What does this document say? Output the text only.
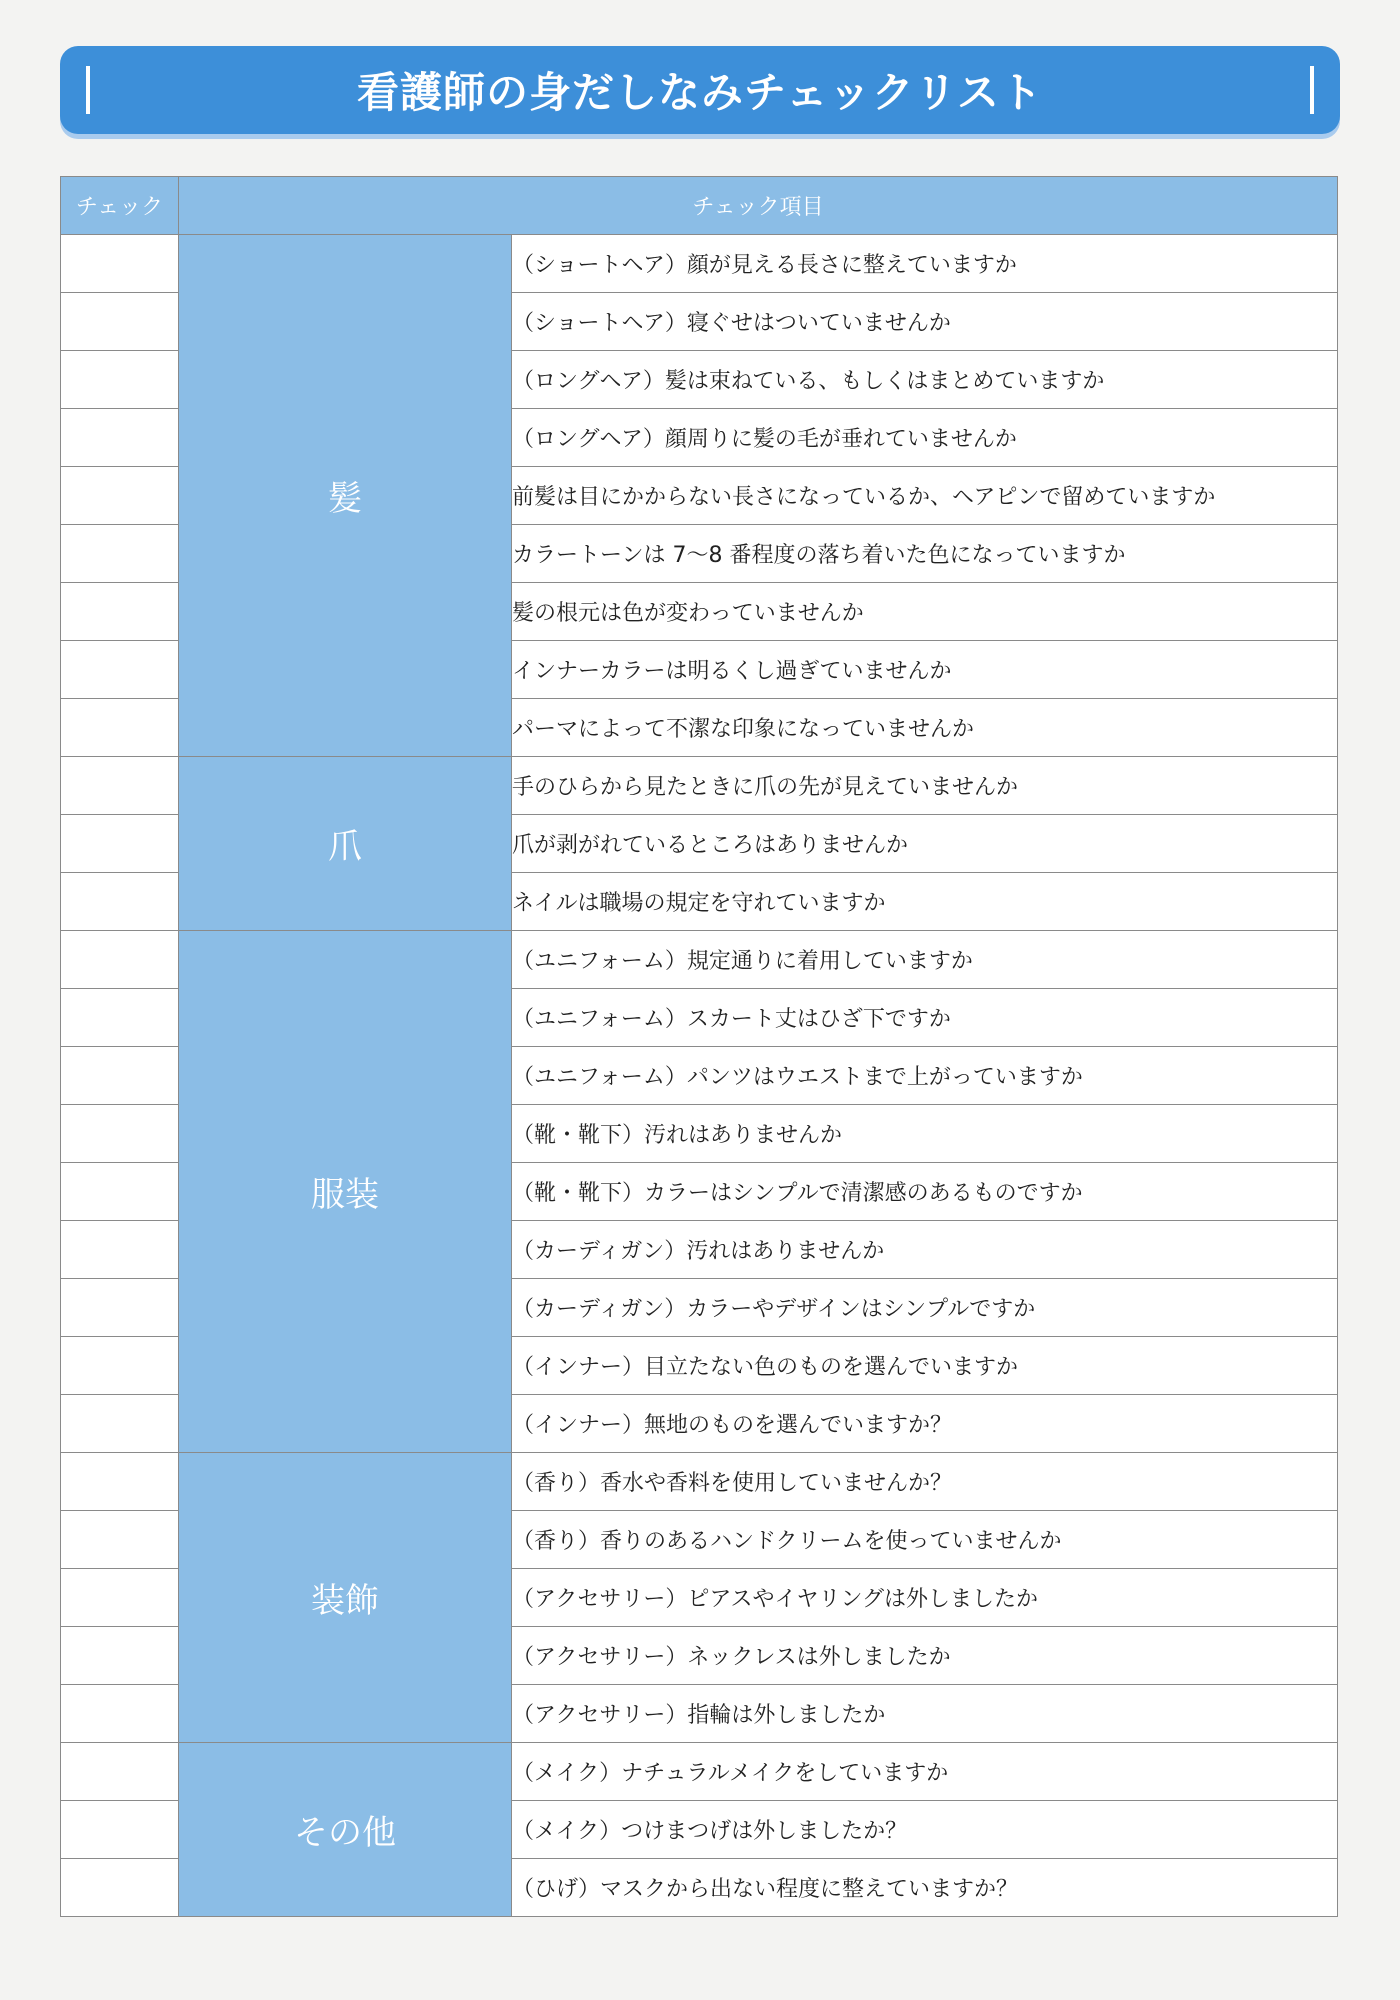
看護師の身だしなみチェックリスト
チェック	チェック項目	
	髪	（ショートヘア）顔が見える長さに整えていますか
		（ショートヘア）寝ぐせはついていませんか
		（ロングヘア）髪は束ねている、もしくはまとめていますか
		（ロングヘア）顔周りに髪の毛が垂れていませんか
		前髪は目にかからない長さになっているか、ヘアピンで留めていますか
		カラートーンは 7〜8 番程度の落ち着いた色になっていますか
		髪の根元は色が変わっていませんか
		インナーカラーは明るくし過ぎていませんか
		パーマによって不潔な印象になっていませんか
	爪	手のひらから見たときに爪の先が見えていませんか
		爪が剥がれているところはありませんか
		ネイルは職場の規定を守れていますか
	服装	（ユニフォーム）規定通りに着用していますか
		（ユニフォーム）スカート丈はひざ下ですか
		（ユニフォーム）パンツはウエストまで上がっていますか
		（靴・靴下）汚れはありませんか
		（靴・靴下）カラーはシンプルで清潔感のあるものですか
		（カーディガン）汚れはありませんか
		（カーディガン）カラーやデザインはシンプルですか
		（インナー）目立たない色のものを選んでいますか
		（インナー）無地のものを選んでいますか？
	装飾	（香り）香水や香料を使用していませんか？
		（香り）香りのあるハンドクリームを使っていませんか
		（アクセサリー）ピアスやイヤリングは外しましたか
		（アクセサリー）ネックレスは外しましたか
		（アクセサリー）指輪は外しましたか
	その他	（メイク）ナチュラルメイクをしていますか
		（メイク）つけまつげは外しましたか？
		（ひげ）マスクから出ない程度に整えていますか？
